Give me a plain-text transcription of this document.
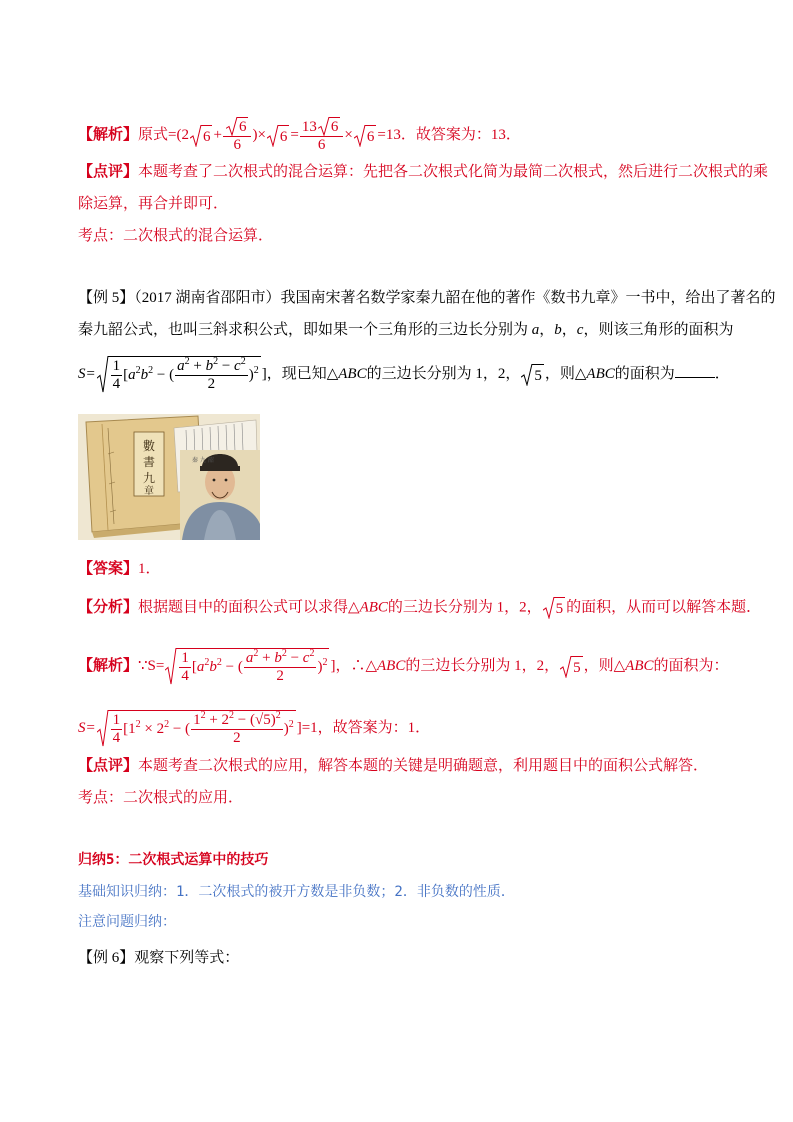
【解析】原式=(2 $6 + \frac{6}{6}$ )× $6 = \frac{13 6}{6} \times 6 =13$．故答案为：13．
【点评】本题考查了二次根式的混合运算：先把各二次根式化简为最简二次根式，然后进行二次根式的乘
除运算，再合并即可．
考点：二次根式的混合运算．
【例 5】（2017 湖南省邵阳市）我国南宋著名数学家秦九韶在他的著作《数书九章》一书中，给出了著名的
秦九韶公式，也叫三斜求积公式，即如果一个三角形的三边长分别为 a，b，c，则该三角形的面积为
$S= \frac{1}{4} [a^2b^2$ − ( $\frac{a^2 + b^2 - c^2}{2} )^2$ ]，现已知△ABC的三边长分别为 1，2， 5 ，则△ABC的面积为	．
數
書
九
章
秦 九 韶
【答案】1．
【分析】根据题目中的面积公式可以求得△ABC的三边长分别为 1，2， 5 的面积，从而可以解答本题．
【解析】∵S= $\frac{1}{4} [a^2b^2$ − ( $\frac{a^2 + b^2 - c^2}{2} )^2$ ]，∴△ABC的三边长分别为 1，2， 5 ，则△ABC的面积为：
$S= \frac{1}{4} [1^2 \times 2^2$ − ( $\frac{1^2 + 2^2 - (√5)^2}{2} )^2$ ]=1，故答案为：1．
【点评】本题考查二次根式的应用，解答本题的关键是明确题意，利用题目中的面积公式解答．
考点：二次根式的应用．
归纳5：二次根式运算中的技巧
基础知识归纳：1．二次根式的被开方数是非负数；2．非负数的性质．
注意问题归纳：
【例 6】观察下列等式：
